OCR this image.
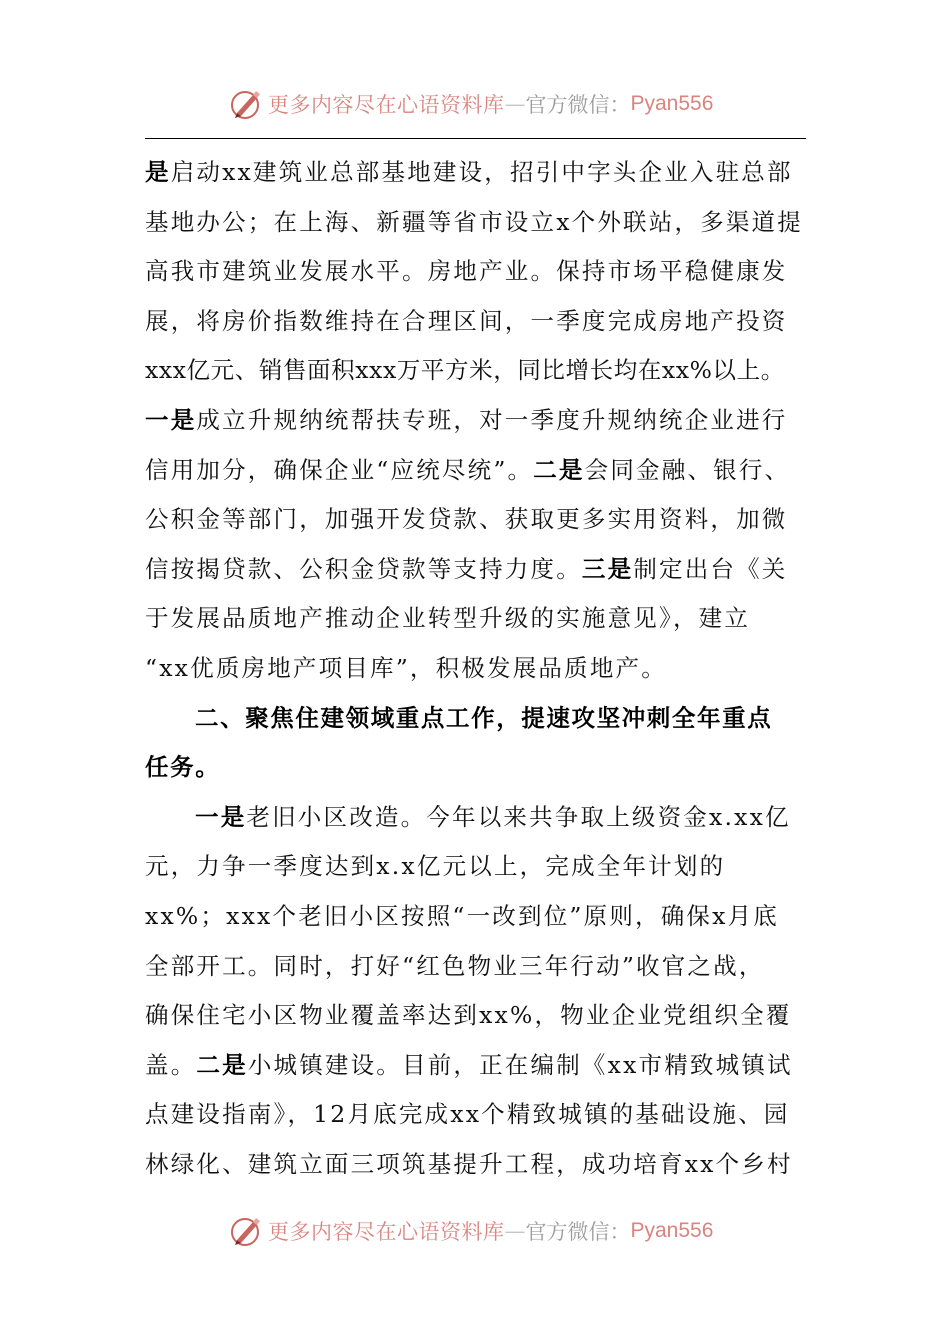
更多内容尽在心语资料库 — 官方微信： Pyan556
是启动xx建筑业总部基地建设，招引中字头企业入驻总部
基地办公；在上海、新疆等省市设立x个外联站，多渠道提
高我市建筑业发展水平。房地产业。保持市场平稳健康发
展，将房价指数维持在合理区间，一季度完成房地产投资
xxx亿元、销售面积xxx万平方米，同比增长均在xx%以上。
一是成立升规纳统帮扶专班，对一季度升规纳统企业进行
信用加分，确保企业“应统尽统”。二是会同金融、银行、
公积金等部门，加强开发贷款、获取更多实用资料，加微
信按揭贷款、公积金贷款等支持力度。三是制定出台《关
于发展品质地产推动企业转型升级的实施意见》，建立
“xx优质房地产项目库”，积极发展品质地产。
二、聚焦住建领域重点工作，提速攻坚冲刺全年重点
任务。
一是老旧小区改造。今年以来共争取上级资金x.xx亿
元，力争一季度达到x.x亿元以上，完成全年计划的
xx%；xxx个老旧小区按照“一改到位”原则，确保x月底
全部开工。同时，打好“红色物业三年行动”收官之战，
确保住宅小区物业覆盖率达到xx%，物业企业党组织全覆
盖。二是小城镇建设。目前，正在编制《xx市精致城镇试
点建设指南》，12月底完成xx个精致城镇的基础设施、园
林绿化、建筑立面三项筑基提升工程，成功培育xx个乡村
更多内容尽在心语资料库 — 官方微信： Pyan556
